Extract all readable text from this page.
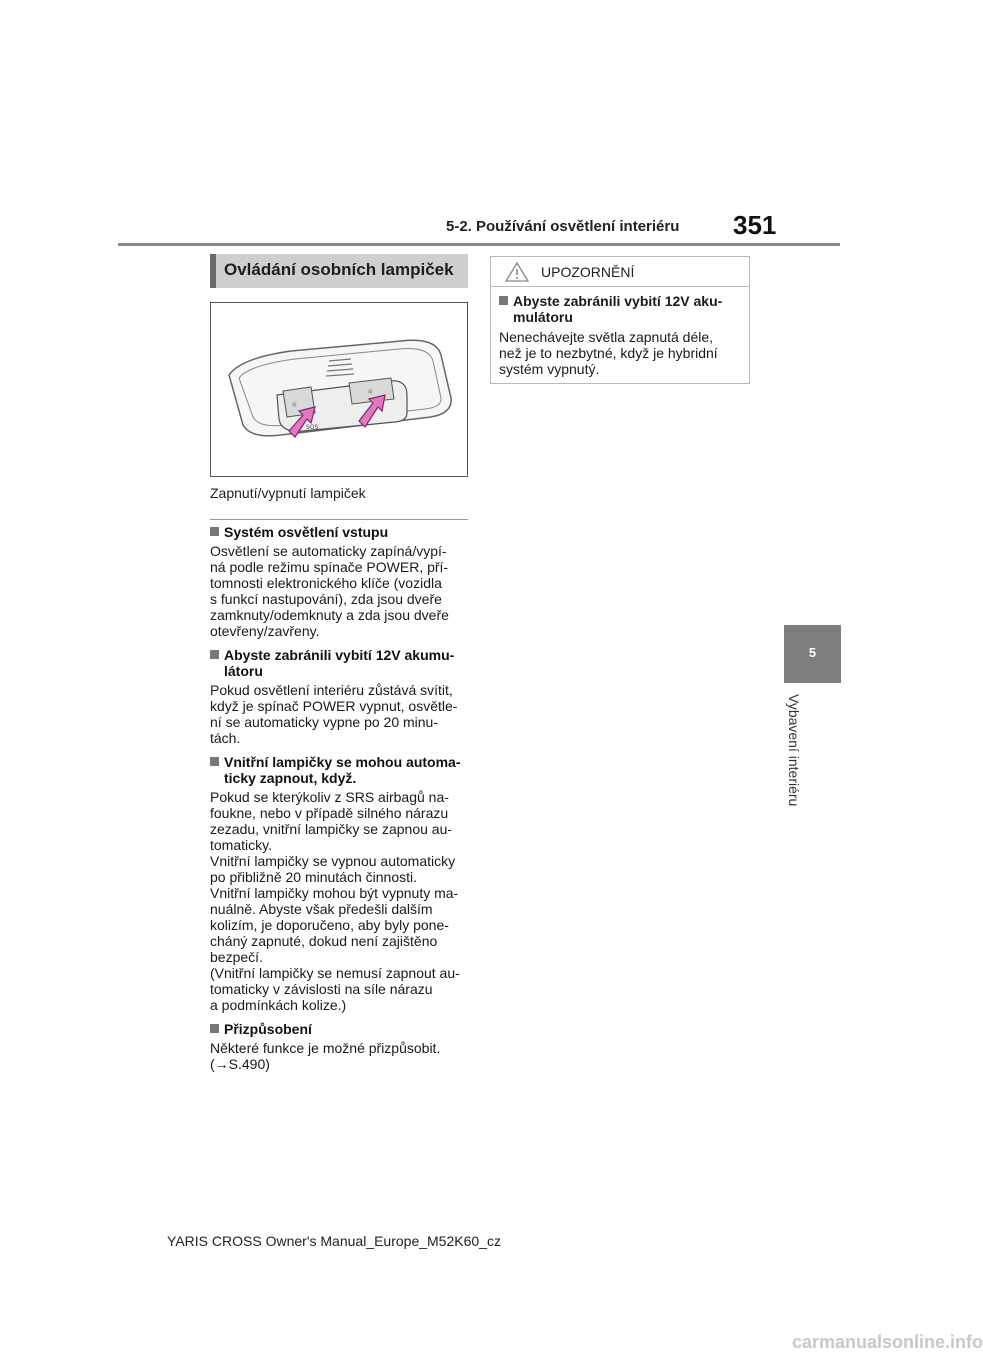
5-2. Používání osvětlení interiéru 351
5
Vybavení interiéru
Ovládání osobních lampiček
☼
☼
SOS
Zapnutí/vypnutí lampiček
Systém osvětlení vstupu
Osvětlení se automaticky zapíná/vypí-
ná podle režimu spínače POWER, pří-
tomnosti elektronického klíče (vozidla
s funkcí nastupování), zda jsou dveře
zamknuty/odemknuty a zda jsou dveře
otevřeny/zavřeny.
Abyste zabránili vybití 12V akumu-
látoru
Pokud osvětlení interiéru zůstává svítit,
když je spínač POWER vypnut, osvětle-
ní se automaticky vypne po 20 minu-
tách.
Vnitřní lampičky se mohou automa-
ticky zapnout, když.
Pokud se kterýkoliv z SRS airbagů na-
foukne, nebo v případě silného nárazu
zezadu, vnitřní lampičky se zapnou au-
tomaticky.
Vnitřní lampičky se vypnou automaticky
po přibližně 20 minutách činnosti.
Vnitřní lampičky mohou být vypnuty ma-
nuálně. Abyste však předešli dalším
kolizím, je doporučeno, aby byly pone-
cháný zapnuté, dokud není zajištěno
bezpečí.
(Vnitřní lampičky se nemusí zapnout au-
tomaticky v závislosti na síle nárazu
a podmínkách kolize.)
Přizpůsobení
Některé funkce je možné přizpůsobit.
(→S.490)
UPOZORNĚNÍ
Abyste zabránili vybití 12V aku-
mulátoru
Nenechávejte světla zapnutá déle,
než je to nezbytné, když je hybridní
systém vypnutý.
YARIS CROSS Owner's Manual_Europe_M52K60_cz
carmanualsonline.info
